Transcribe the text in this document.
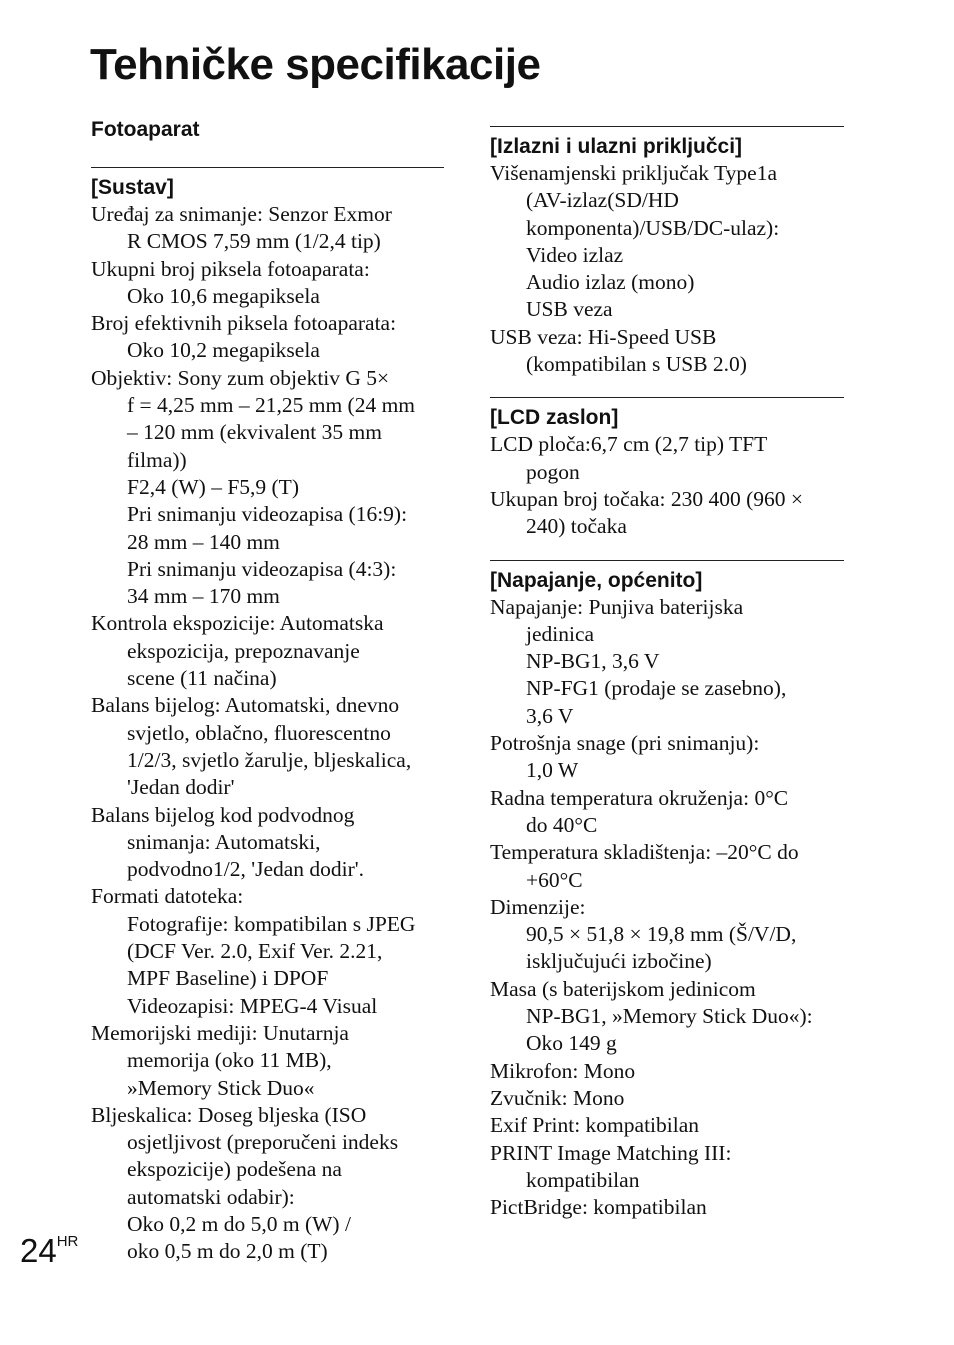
Tehničke specifikacije
Fotoaparat
[Sustav]
Uređaj za snimanje: Senzor Exmor
R CMOS 7,59 mm (1/2,4 tip)
Ukupni broj piksela fotoaparata:
Oko 10,6 megapiksela
Broj efektivnih piksela fotoaparata:
Oko 10,2 megapiksela
Objektiv: Sony zum objektiv G 5×
f = 4,25 mm – 21,25 mm (24 mm
– 120 mm (ekvivalent 35 mm
filma))
F2,4 (W) – F5,9 (T)
Pri snimanju videozapisa (16:9):
28 mm – 140 mm
Pri snimanju videozapisa (4:3):
34 mm – 170 mm
Kontrola ekspozicije: Automatska
ekspozicija, prepoznavanje
scene (11 načina)
Balans bijelog: Automatski, dnevno
svjetlo, oblačno, fluorescentno
1/2/3, svjetlo žarulje, bljeskalica,
'Jedan dodir'
Balans bijelog kod podvodnog
snimanja: Automatski,
podvodno1/2, 'Jedan dodir'.
Formati datoteka:
Fotografije: kompatibilan s JPEG
(DCF Ver. 2.0, Exif Ver. 2.21,
MPF Baseline) i DPOF
Videozapisi: MPEG-4 Visual
Memorijski mediji: Unutarnja
memorija (oko 11 MB),
»Memory Stick Duo«
Bljeskalica: Doseg bljeska (ISO
osjetljivost (preporučeni indeks
ekspozicije) podešena na
automatski odabir):
Oko 0,2 m do 5,0 m (W) /
oko 0,5 m do 2,0 m (T)
[Izlazni i ulazni priključci]
Višenamjenski priključak Type1a
(AV-izlaz(SD/HD
komponenta)/USB/DC-ulaz):
Video izlaz
Audio izlaz (mono)
USB veza
USB veza: Hi-Speed USB
(kompatibilan s USB 2.0)
[LCD zaslon]
LCD ploča:6,7 cm (2,7 tip) TFT
pogon
Ukupan broj točaka: 230 400 (960 ×
240) točaka
[Napajanje, općenito]
Napajanje: Punjiva baterijska
jedinica
NP-BG1, 3,6 V
NP-FG1 (prodaje se zasebno),
3,6 V
Potrošnja snage (pri snimanju):
1,0 W
Radna temperatura okruženja: 0°C
do 40°C
Temperatura skladištenja: –20°C do
+60°C
Dimenzije:
90,5 × 51,8 × 19,8 mm (Š/V/D,
isključujući izbočine)
Masa (s baterijskom jedinicom
NP-BG1, »Memory Stick Duo«):
Oko 149 g
Mikrofon: Mono
Zvučnik: Mono
Exif Print: kompatibilan
PRINT Image Matching III:
kompatibilan
PictBridge: kompatibilan
$24^{HR}$
